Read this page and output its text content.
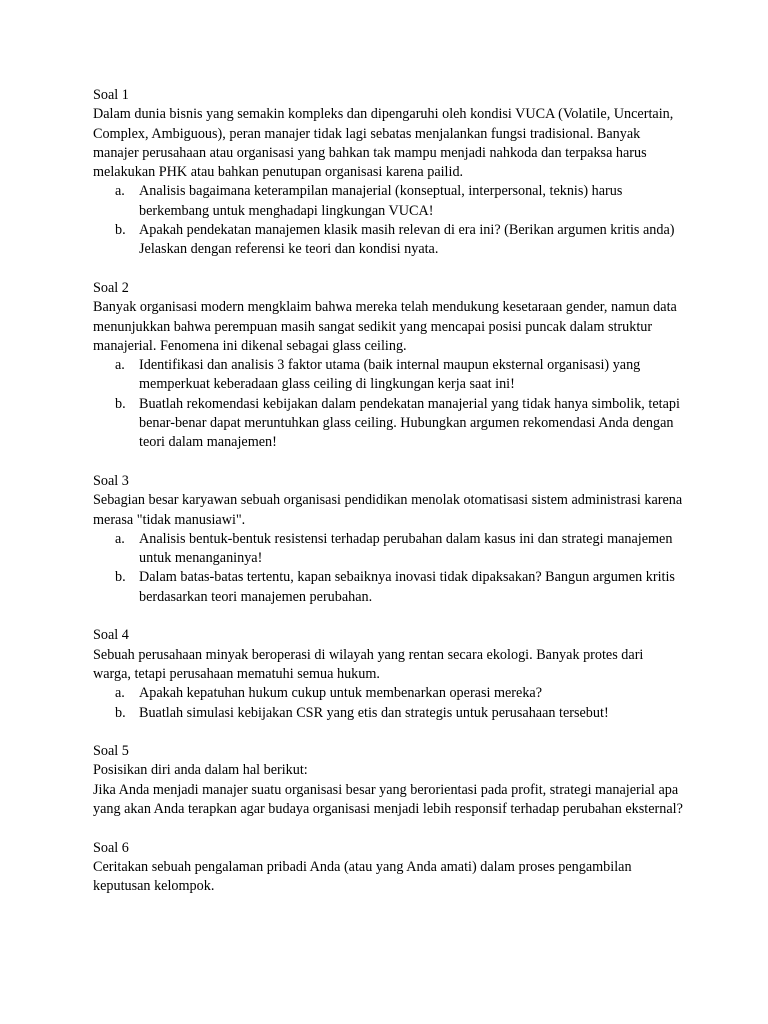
Soal 1

Dalam dunia bisnis yang semakin kompleks dan dipengaruhi oleh kondisi VUCA (Volatile, Uncertain, Complex, Ambiguous), peran manajer tidak lagi sebatas menjalankan fungsi tradisional. Banyak manajer perusahaan atau organisasi yang bahkan tak mampu menjadi nahkoda dan terpaksa harus melakukan PHK atau bahkan penutupan organisasi karena pailid.

a. Analisis bagaimana keterampilan manajerial (konseptual, interpersonal, teknis) harus berkembang untuk menghadapi lingkungan VUCA!
b. Apakah pendekatan manajemen klasik masih relevan di era ini? (Berikan argumen kritis anda) Jelaskan dengan referensi ke teori dan kondisi nyata.

Soal 2

Banyak organisasi modern mengklaim bahwa mereka telah mendukung kesetaraan gender, namun data menunjukkan bahwa perempuan masih sangat sedikit yang mencapai posisi puncak dalam struktur manajerial. Fenomena ini dikenal sebagai glass ceiling.

a. Identifikasi dan analisis 3 faktor utama (baik internal maupun eksternal organisasi) yang memperkuat keberadaan glass ceiling di lingkungan kerja saat ini!
b. Buatlah rekomendasi kebijakan dalam pendekatan manajerial yang tidak hanya simbolik, tetapi benar-benar dapat meruntuhkan glass ceiling. Hubungkan argumen rekomendasi Anda dengan teori dalam manajemen!

Soal 3

Sebagian besar karyawan sebuah organisasi pendidikan menolak otomatisasi sistem administrasi karena merasa "tidak manusiawi".

a. Analisis bentuk-bentuk resistensi terhadap perubahan dalam kasus ini dan strategi manajemen untuk menanganinya!
b. Dalam batas-batas tertentu, kapan sebaiknya inovasi tidak dipaksakan? Bangun argumen kritis berdasarkan teori manajemen perubahan.

Soal 4

Sebuah perusahaan minyak beroperasi di wilayah yang rentan secara ekologi. Banyak protes dari warga, tetapi perusahaan mematuhi semua hukum.

a. Apakah kepatuhan hukum cukup untuk membenarkan operasi mereka?
b. Buatlah simulasi kebijakan CSR yang etis dan strategis untuk perusahaan tersebut!

Soal 5

Posisikan diri anda dalam hal berikut:

Jika Anda menjadi manajer suatu organisasi besar yang berorientasi pada profit, strategi manajerial apa yang akan Anda terapkan agar budaya organisasi menjadi lebih responsif terhadap perubahan eksternal?

Soal 6

Ceritakan sebuah pengalaman pribadi Anda (atau yang Anda amati) dalam proses pengambilan keputusan kelompok.
